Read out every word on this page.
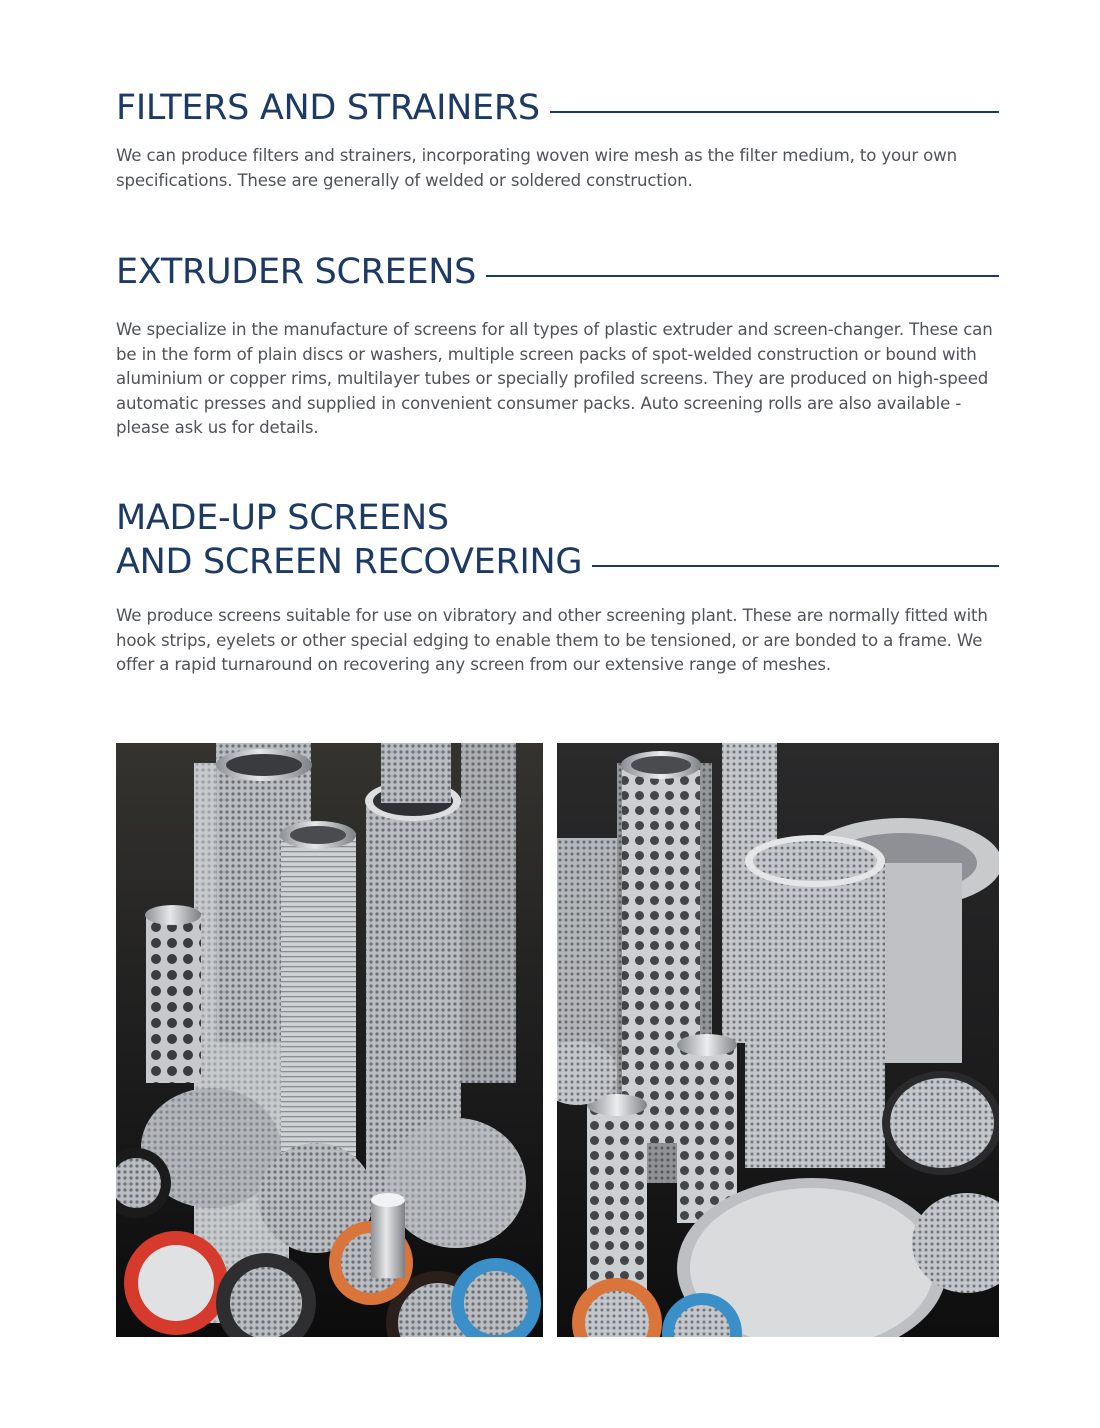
FILTERS AND STRAINERS

We can produce filters and strainers, incorporating woven wire mesh as the filter medium, to your own specifications. These are generally of welded or soldered construction.

EXTRUDER SCREENS

We specialize in the manufacture of screens for all types of plastic extruder and screen-changer. These can be in the form of plain discs or washers, multiple screen packs of spot-welded construction or bound with aluminium or copper rims, multilayer tubes or specially profiled screens. They are produced on high-speed automatic presses and supplied in convenient consumer packs. Auto screening rolls are also available - please ask us for details.

MADE-UP SCREENS
AND SCREEN RECOVERING

We produce screens suitable for use on vibratory and other screening plant. These are normally fitted with hook strips, eyelets or other special edging to enable them to be tensioned, or are bonded to a frame. We offer a rapid turnaround on recovering any screen from our extensive range of meshes.
